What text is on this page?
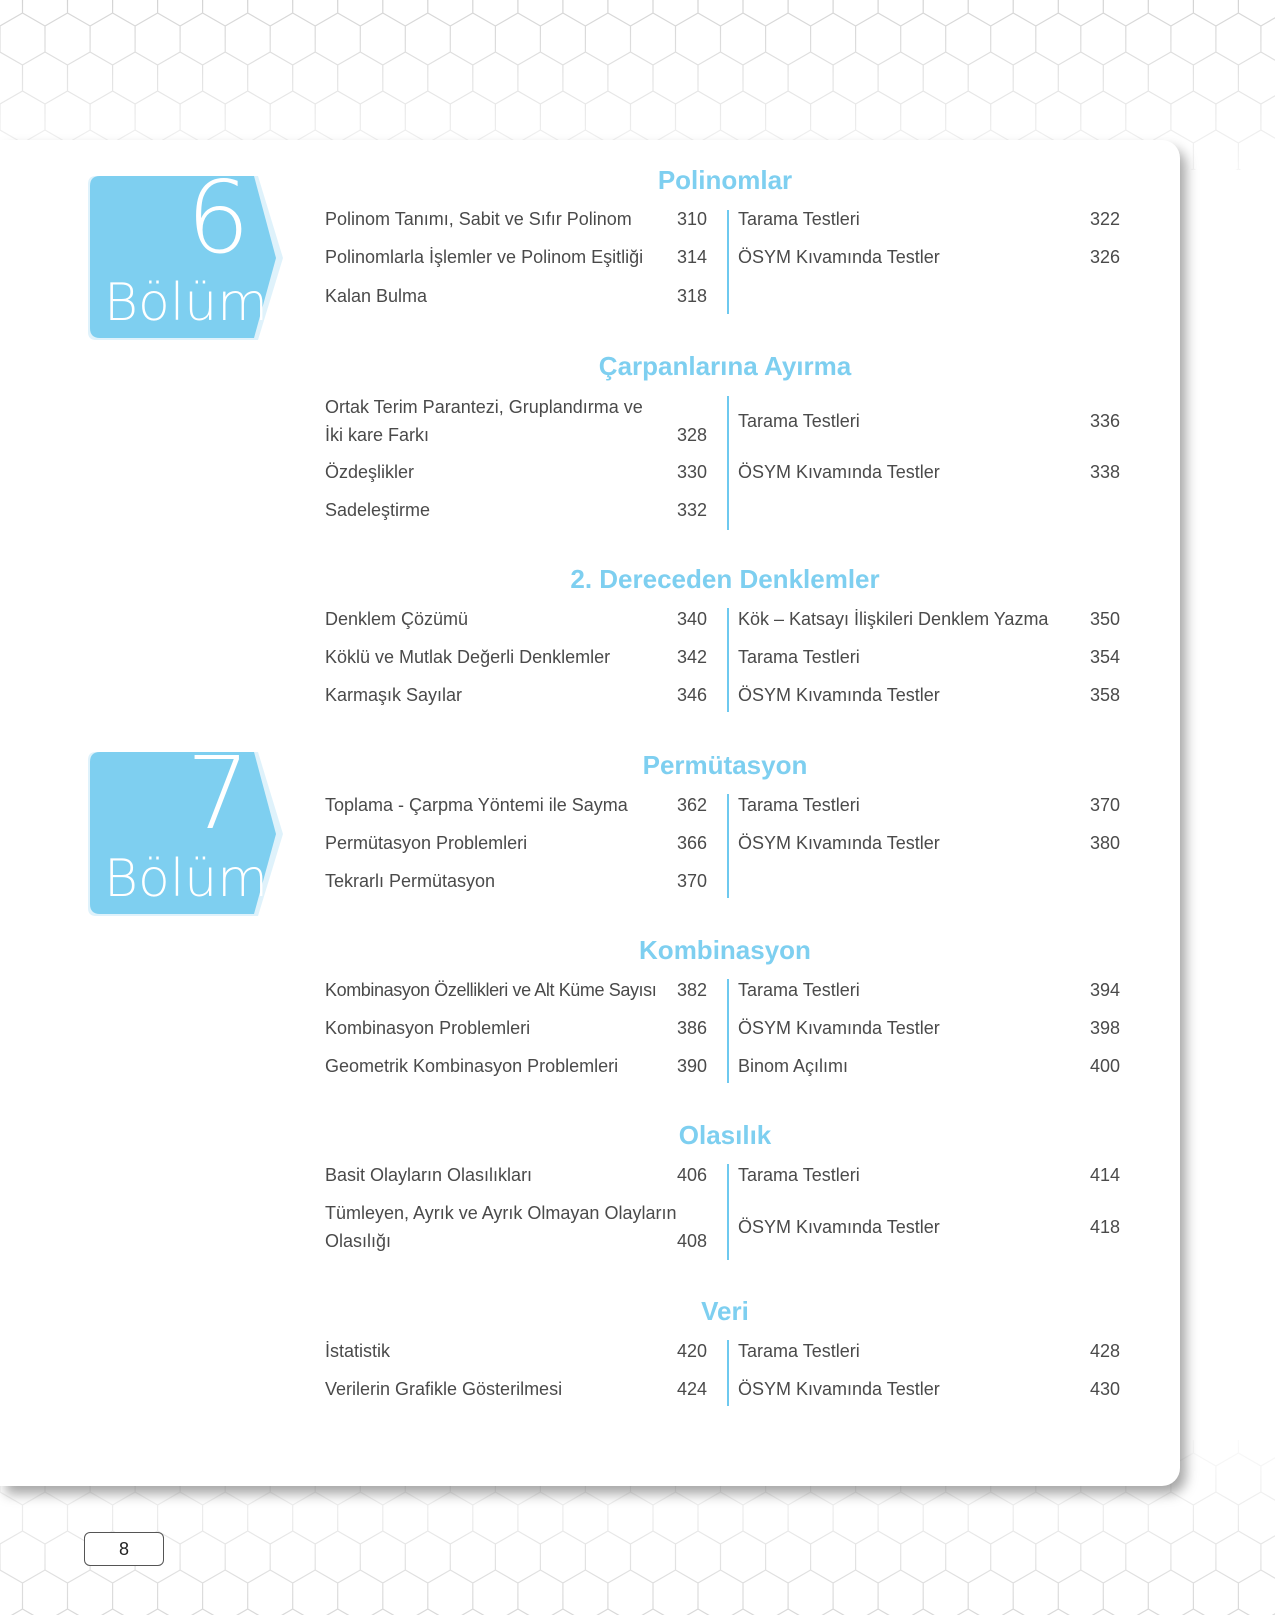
6
Bölüm
7
Bölüm
Polinomlar
Polinom Tanımı, Sabit ve Sıfır Polinom	310
Polinomlarla İşlemler ve Polinom Eşitliği 314
Kalan Bulma	318
Tarama Testleri	322
ÖSYM Kıvamında Testler	326
Çarpanlarına Ayırma
Ortak Terim Parantezi, Gruplandırma ve
İki kare Farkı	328
Özdeşlikler	330
Sadeleştirme	332
Tarama Testleri	336
ÖSYM Kıvamında Testler	338
2. Dereceden Denklemler
Denklem Çözümü	340
Köklü ve Mutlak Değerli Denklemler	342
Karmaşık Sayılar	346
Kök – Katsayı İlişkileri Denklem Yazma 350
Tarama Testleri	354
ÖSYM Kıvamında Testler	358
Permütasyon
Toplama - Çarpma Yöntemi ile Sayma	362
Permütasyon Problemleri	366
Tekrarlı Permütasyon	370
Tarama Testleri	370
ÖSYM Kıvamında Testler	380
Kombinasyon
Kombinasyon Özellikleri ve Alt Küme Sayısı 382
Kombinasyon Problemleri	386
Geometrik Kombinasyon Problemleri	390
Tarama Testleri	394
ÖSYM Kıvamında Testler	398
Binom Açılımı	400
Olasılık
Basit Olayların Olasılıkları	406
Tümleyen, Ayrık ve Ayrık Olmayan Olayların
Olasılığı	408
Tarama Testleri	414
ÖSYM Kıvamında Testler	418
Veri
İstatistik	420
Verilerin Grafikle Gösterilmesi	424
Tarama Testleri	428
ÖSYM Kıvamında Testler	430
8
